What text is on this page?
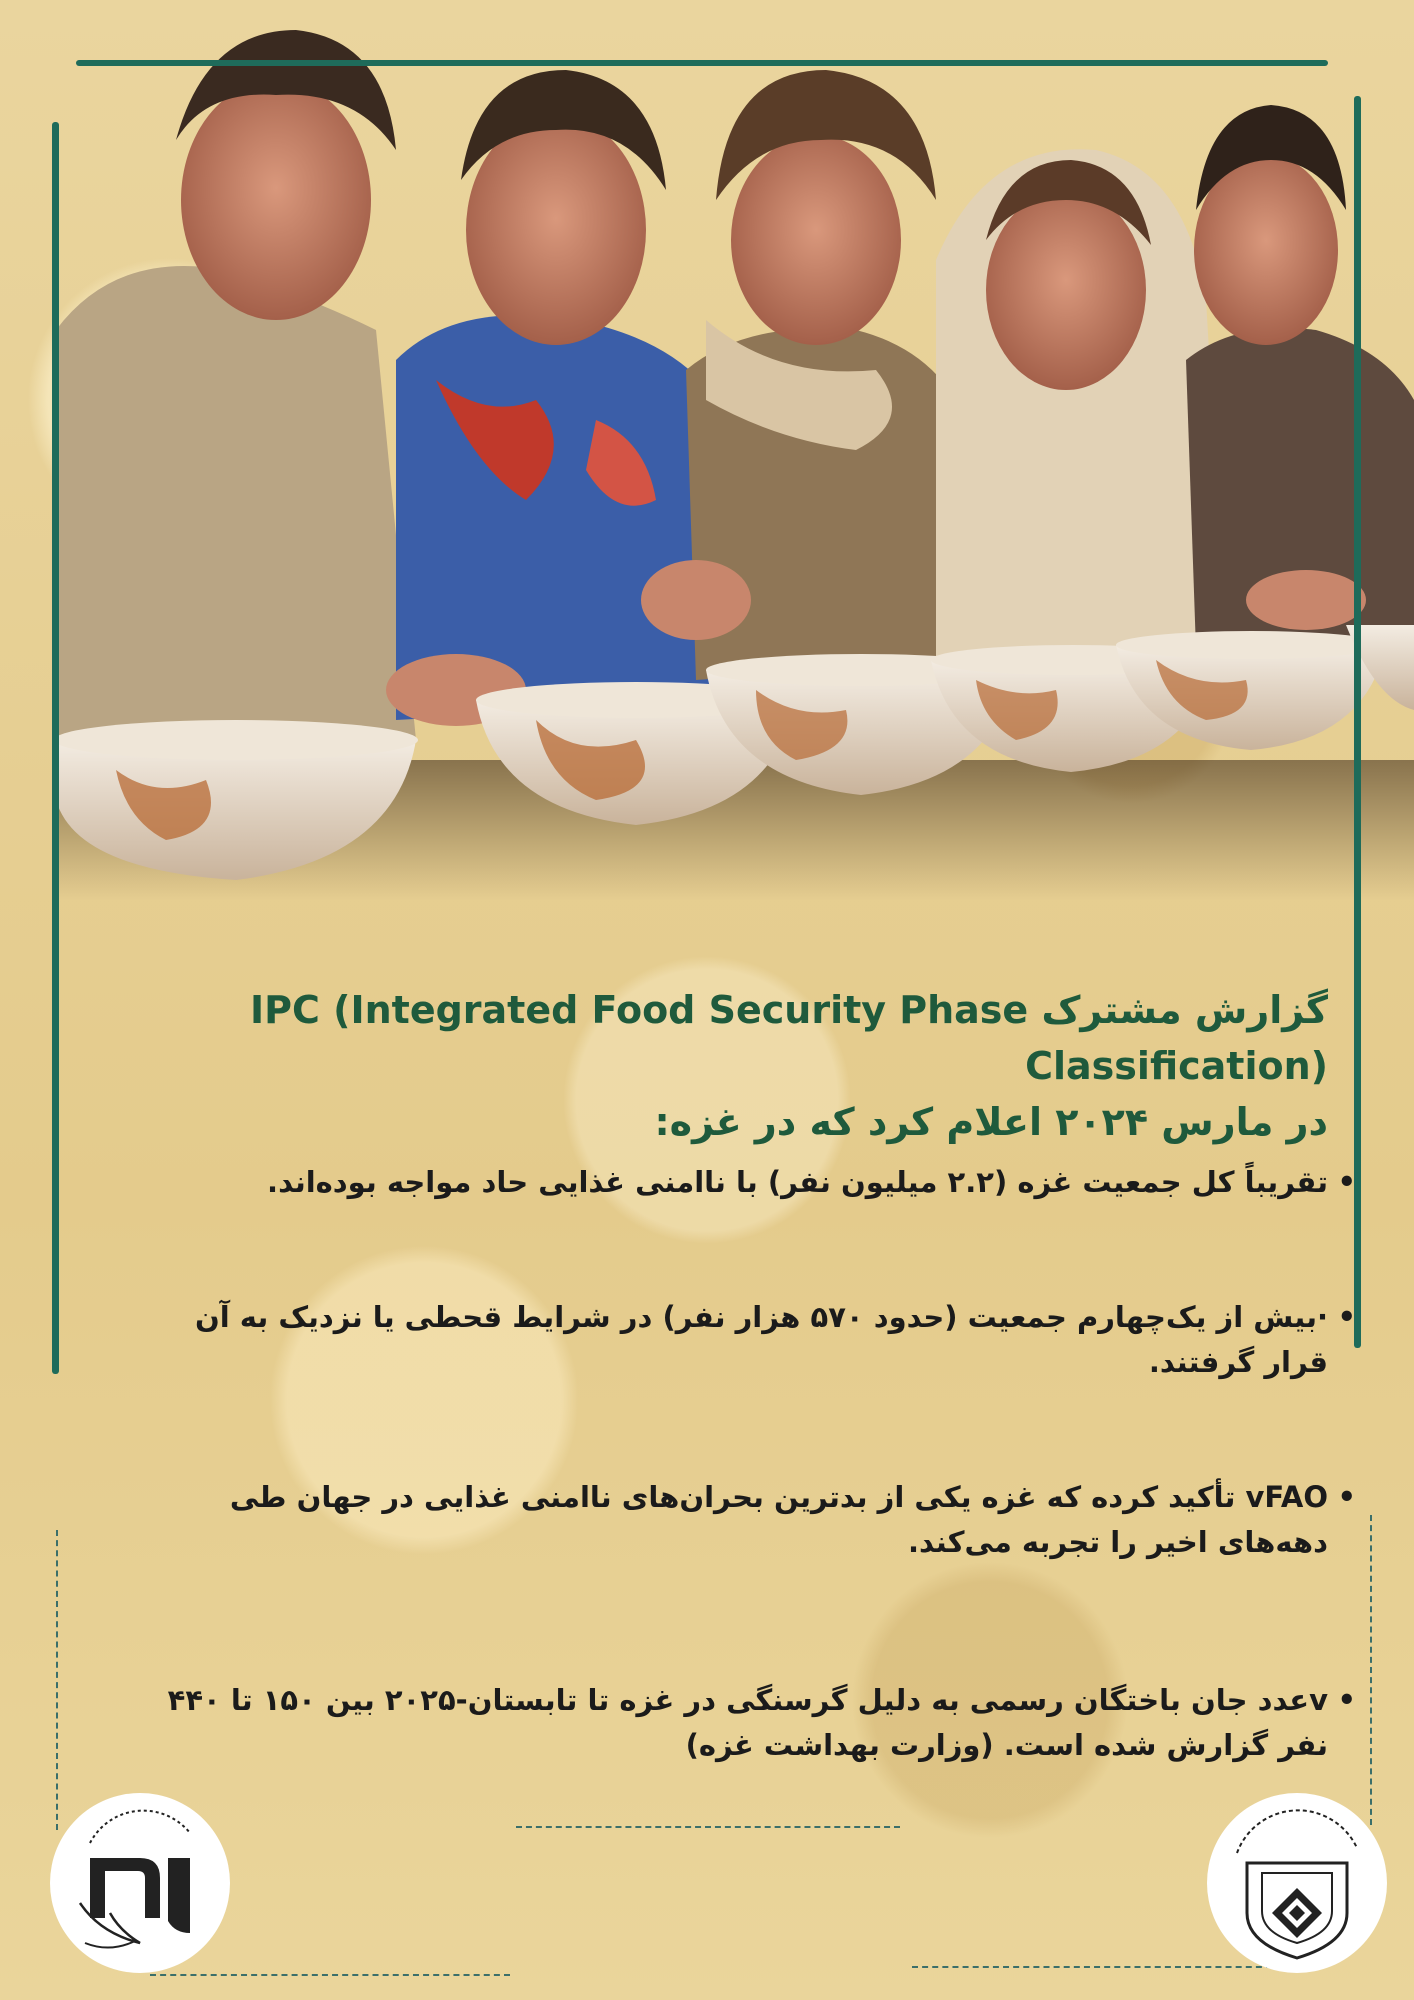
گزارش مشترک IPC (Integrated Food Security Phase Classification)
در مارس ۲۰۲۴ اعلام کرد که در غزه:
•
تقریباً کل جمعیت غزه (۲.۲ میلیون نفر) با ناامنی غذایی حاد مواجه بوده‌اند.
•
·بیش از یک‌چهارم جمعیت (حدود ۵۷۰ هزار نفر) در شرایط قحطی یا نزدیک به آن قرار گرفتند.
•
vFAO تأکید کرده که غزه یکی از بدترین بحران‌های ناامنی غذایی در جهان طی دهه‌های اخیر را تجربه می‌کند.
•
v‌عدد جان باختگان رسمی به دلیل گرسنگی در غزه تا تابستان-۲۰۲۵ بین ۱۵۰ تا ۴۴۰ نفر گزارش شده است. (وزارت بهداشت غزه)
